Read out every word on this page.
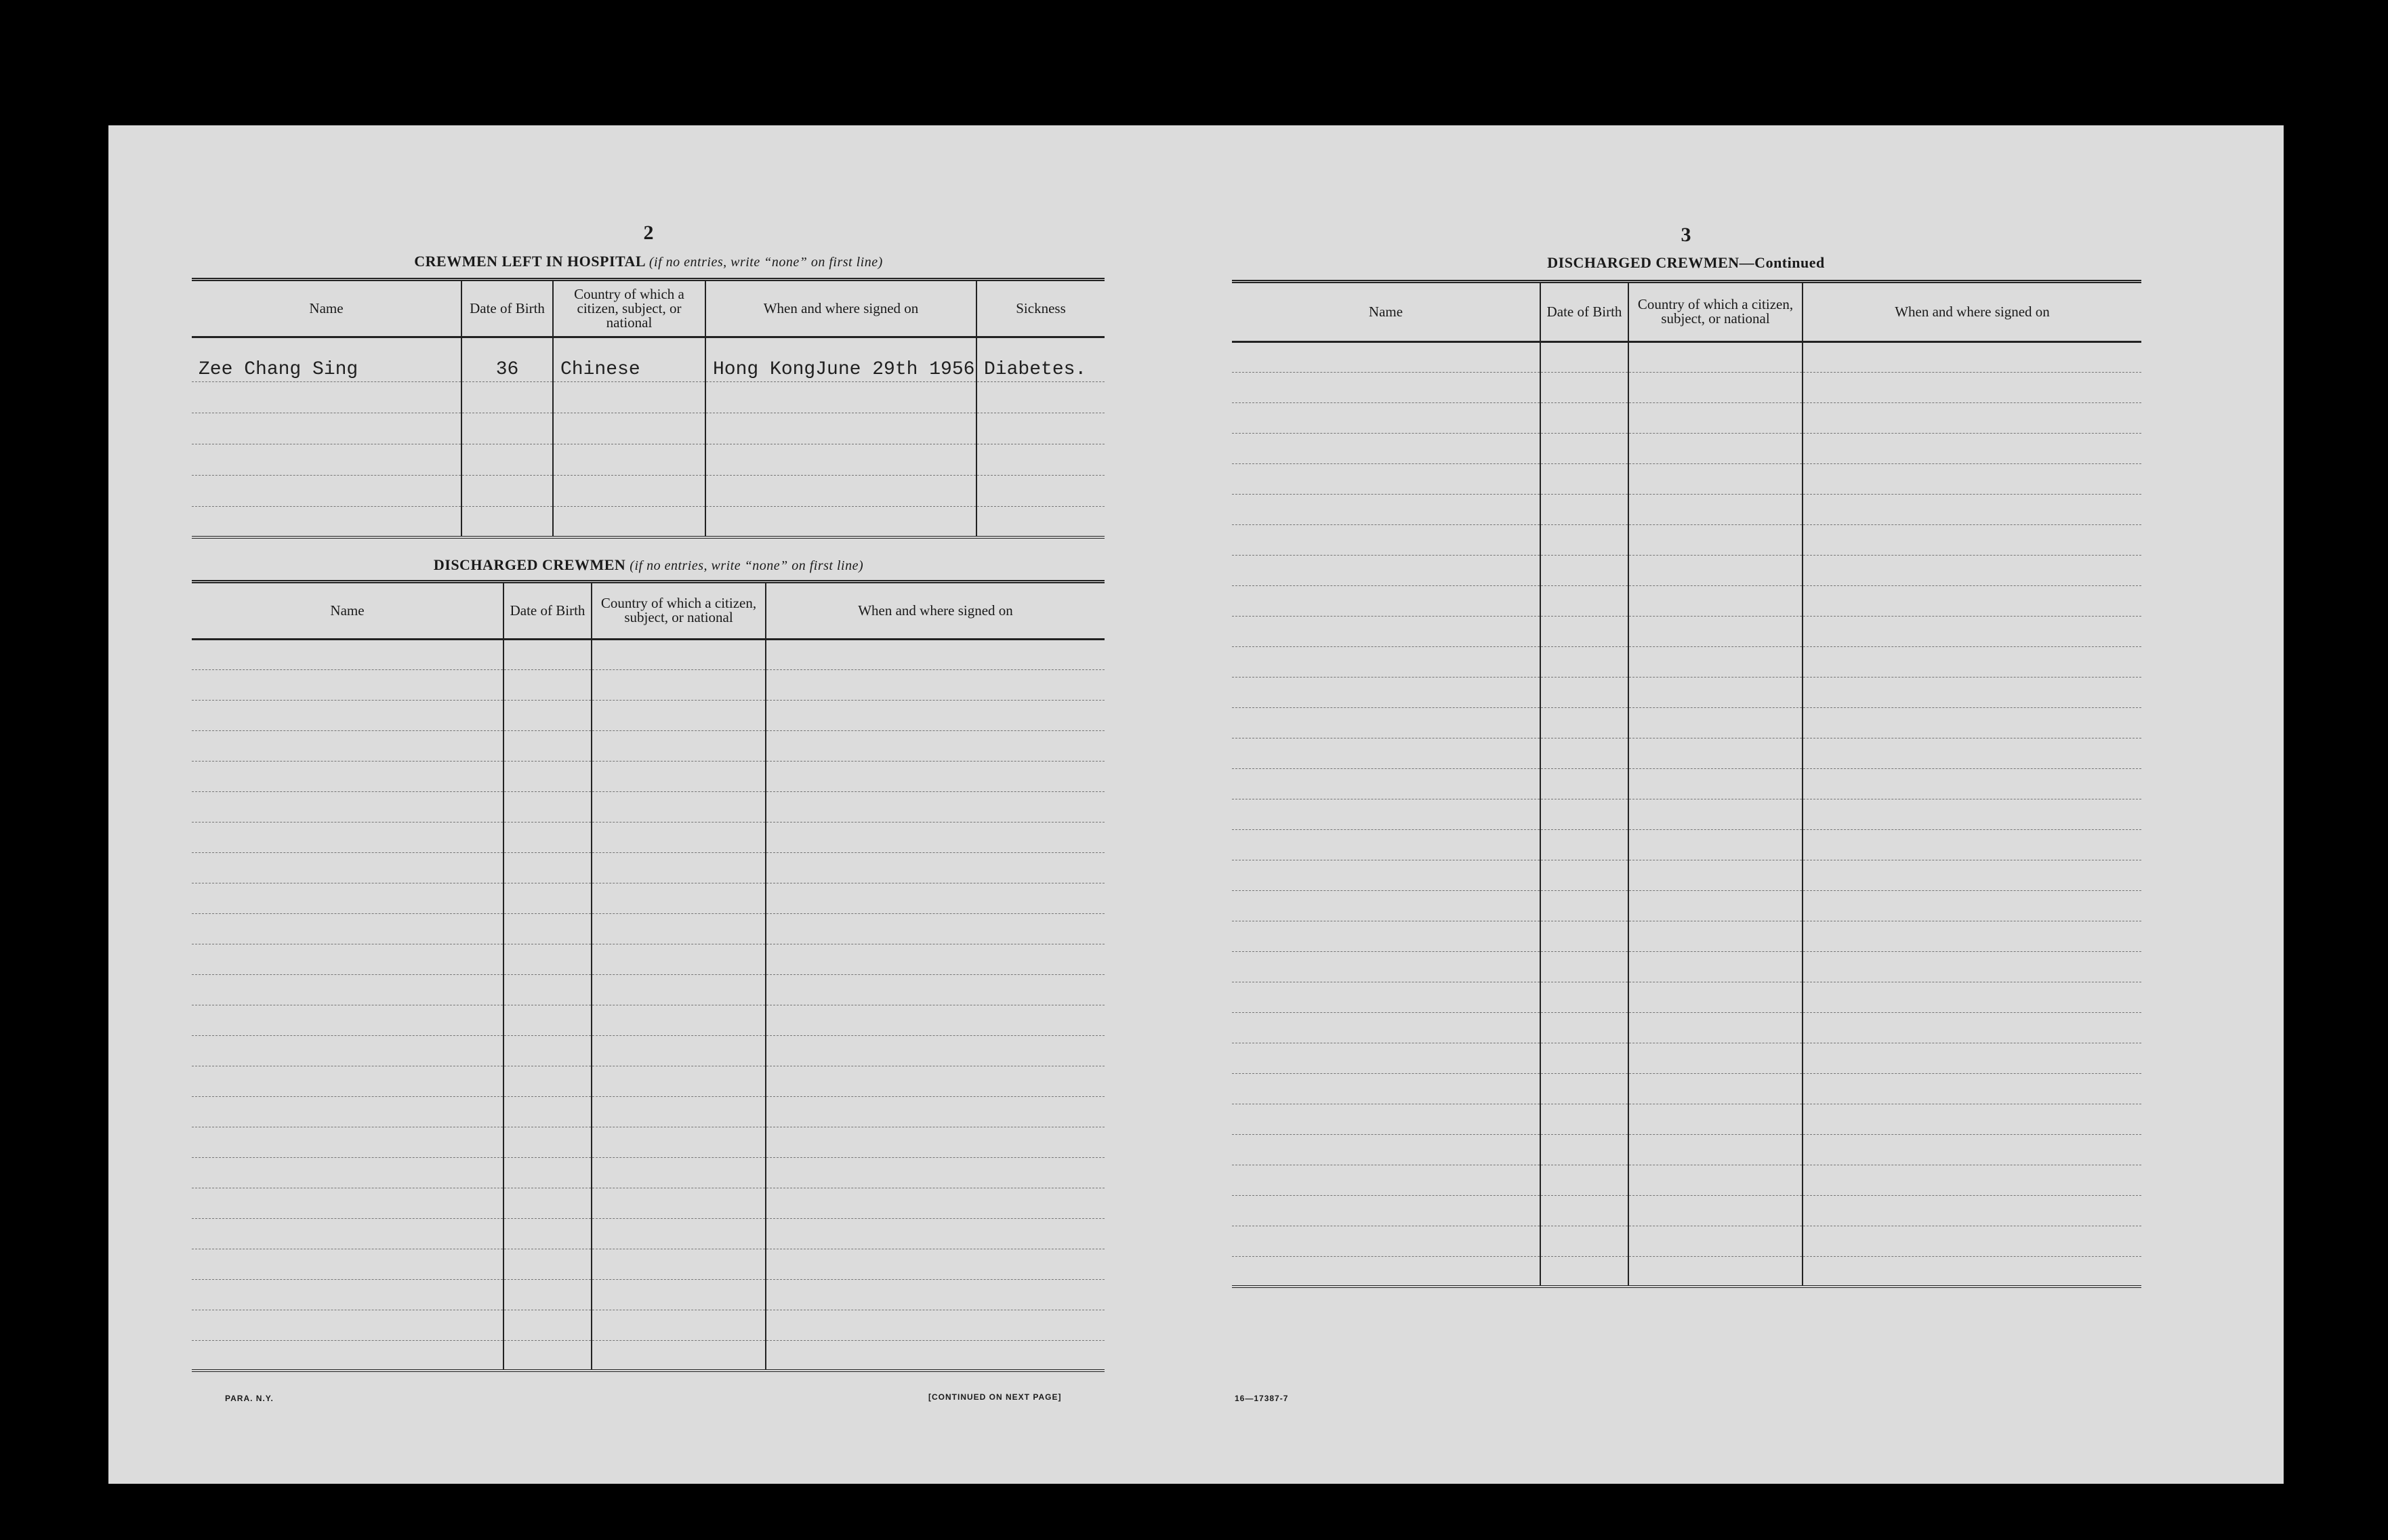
2
CREWMEN LEFT IN HOSPITAL (if no entries, write “none” on first line)
Name	Date of Birth	Country of which a citizen, subject, or national	When and where signed on	Sickness
Zee Chang Sing	36	Chinese	Hong KongJune 29th 1956	Diabetes.

DISCHARGED CREWMEN (if no entries, write “none” on first line)
Name	Date of Birth	Country of which a citizen, subject, or national	When and where signed on

PARA. N.Y.	[CONTINUED ON NEXT PAGE]
3
DISCHARGED CREWMEN—Continued
Name	Date of Birth	Country of which a citizen, subject, or national	When and where signed on

16—17387-7
